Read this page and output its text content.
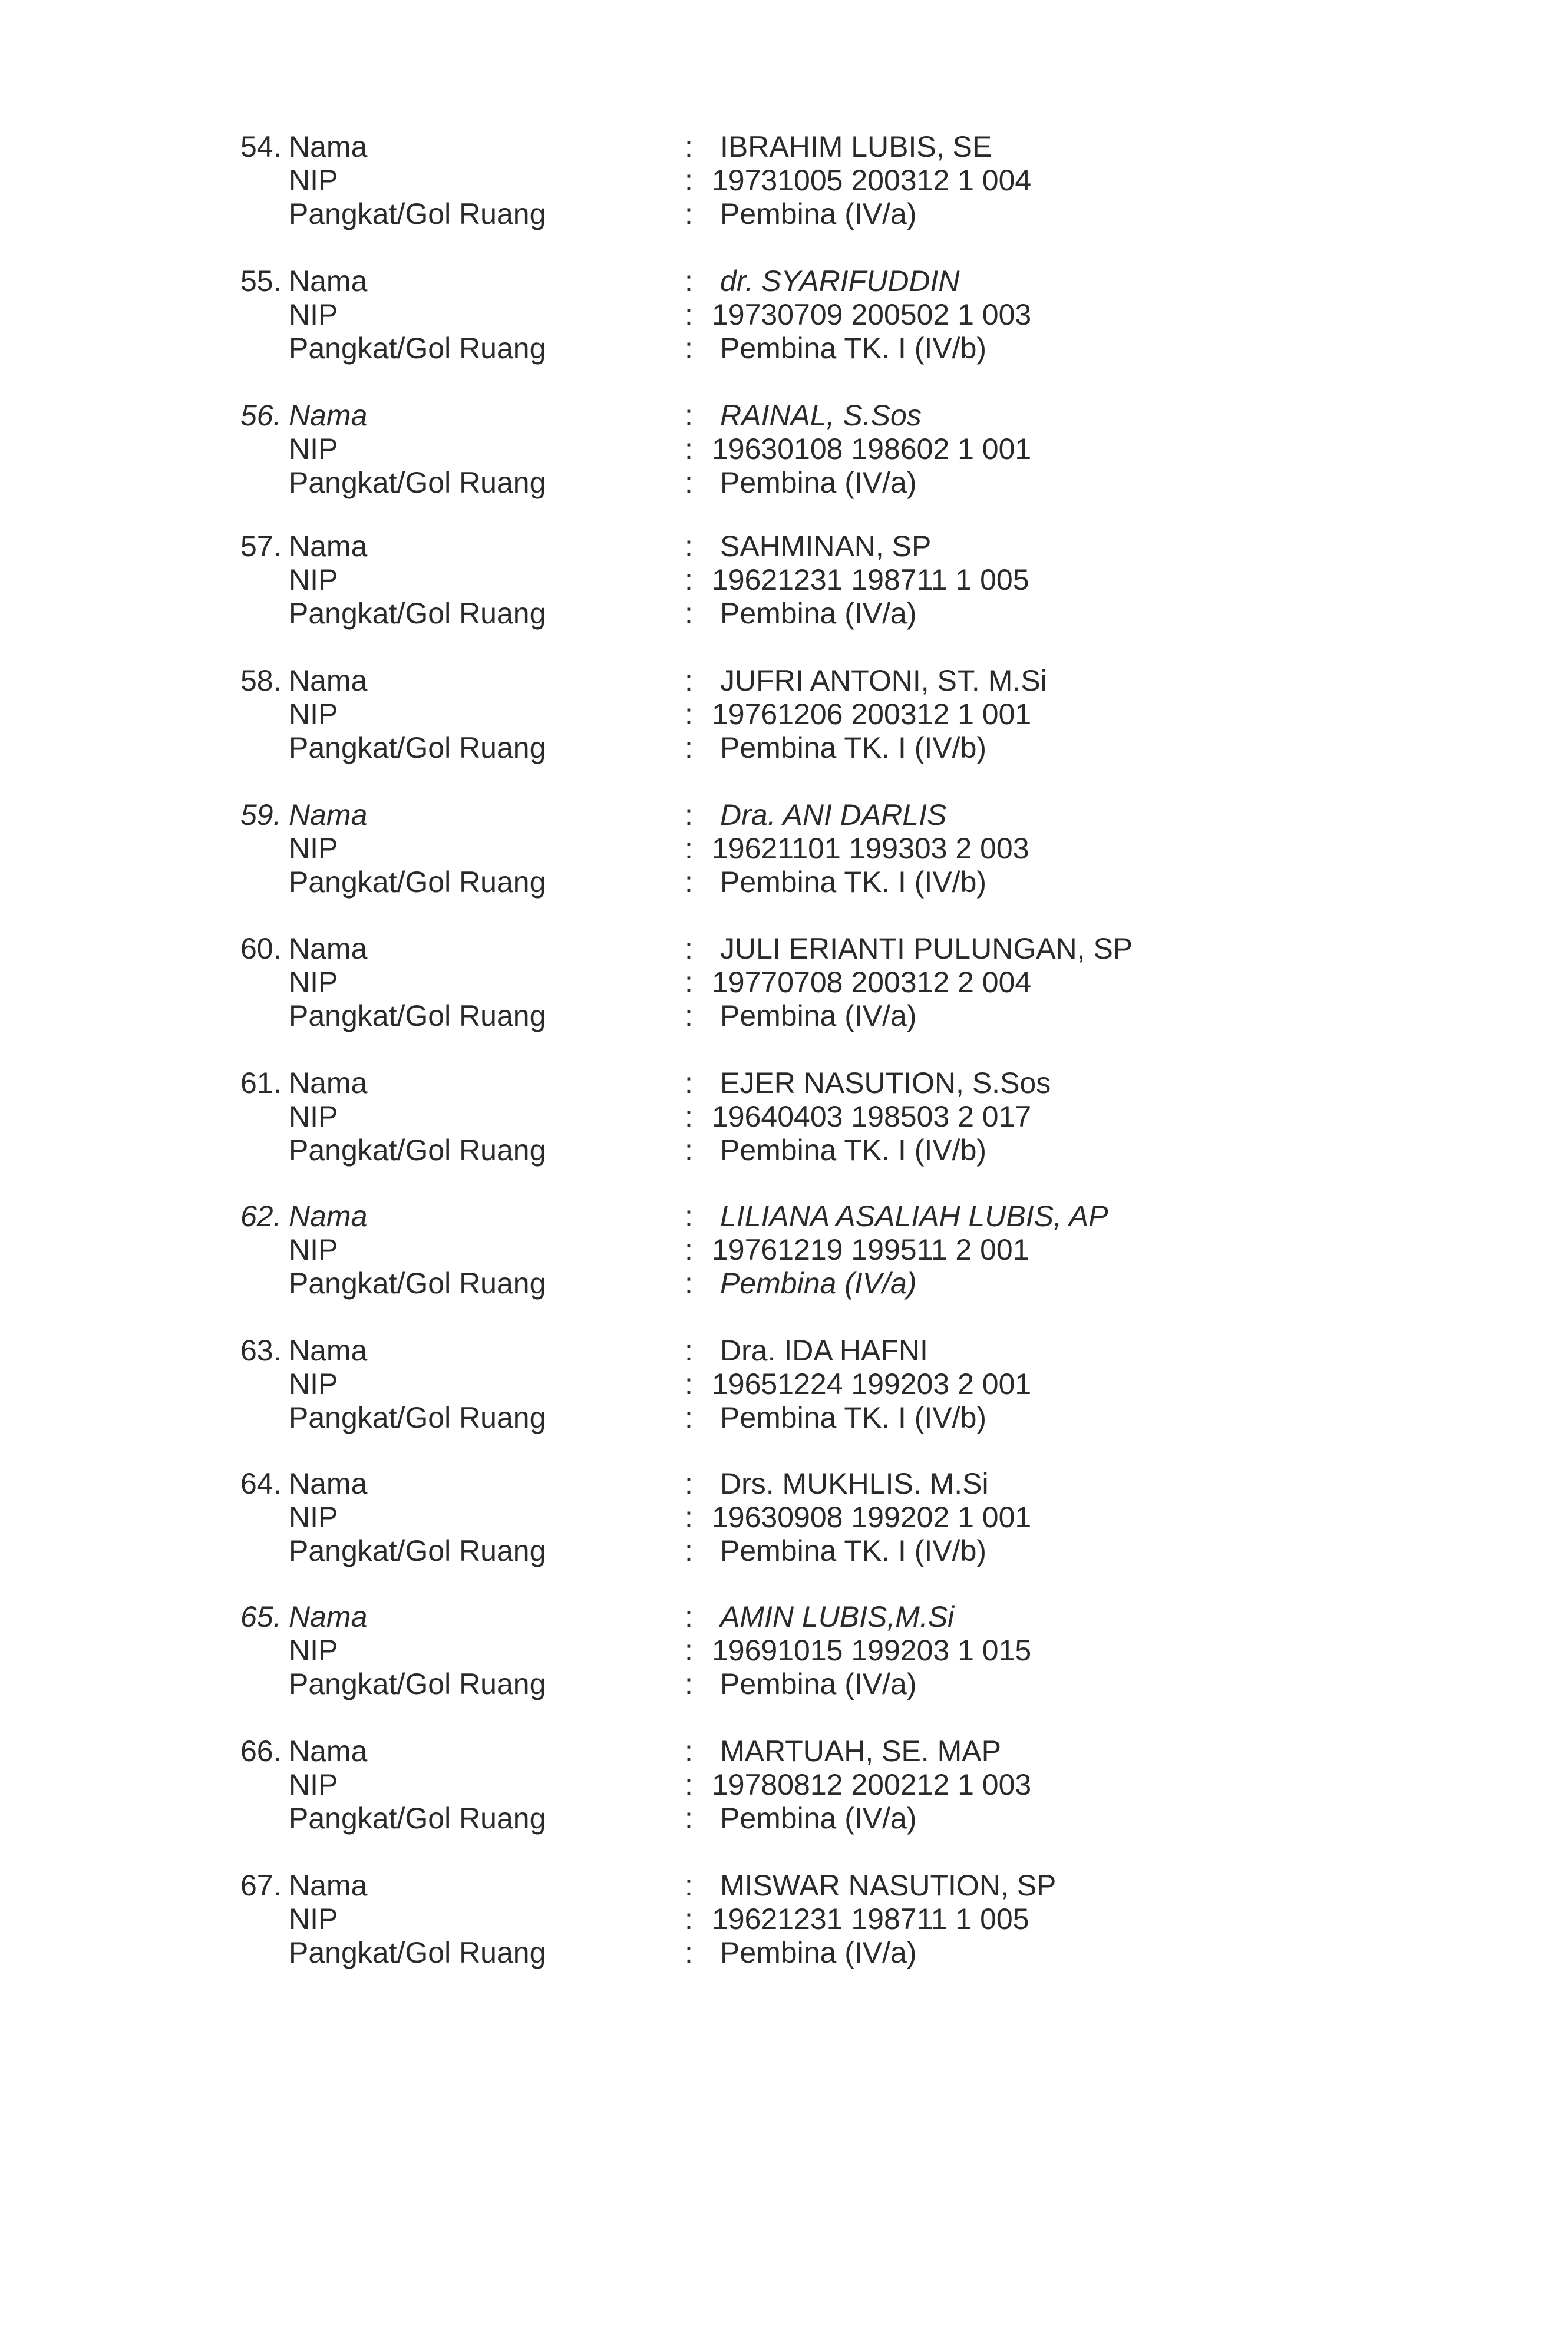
54. Nama	: IBRAHIM LUBIS, SE
NIP	: 19731005 200312 1 004
Pangkat/Gol Ruang	: Pembina (IV/a)
55. Nama	: dr. SYARIFUDDIN
NIP	: 19730709 200502 1 003
Pangkat/Gol Ruang	: Pembina TK. I (IV/b)
56. Nama	: RAINAL, S.Sos
NIP	: 19630108 198602 1 001
Pangkat/Gol Ruang	: Pembina (IV/a)
57. Nama	: SAHMINAN, SP
NIP	: 19621231 198711 1 005
Pangkat/Gol Ruang	: Pembina (IV/a)
58. Nama	: JUFRI ANTONI, ST. M.Si
NIP	: 19761206 200312 1 001
Pangkat/Gol Ruang	: Pembina TK. I (IV/b)
59. Nama	: Dra. ANI DARLIS
NIP	: 19621101 199303 2 003
Pangkat/Gol Ruang	: Pembina TK. I (IV/b)
60. Nama	: JULI ERIANTI PULUNGAN, SP
NIP	: 19770708 200312 2 004
Pangkat/Gol Ruang	: Pembina (IV/a)
61. Nama	: EJER NASUTION, S.Sos
NIP	: 19640403 198503 2 017
Pangkat/Gol Ruang	: Pembina TK. I (IV/b)
62. Nama	: LILIANA ASALIAH LUBIS, AP
NIP	: 19761219 199511 2 001
Pangkat/Gol Ruang	: Pembina (IV/a)
63. Nama	: Dra. IDA HAFNI
NIP	: 19651224 199203 2 001
Pangkat/Gol Ruang	: Pembina TK. I (IV/b)
64. Nama	: Drs. MUKHLIS. M.Si
NIP	: 19630908 199202 1 001
Pangkat/Gol Ruang	: Pembina TK. I (IV/b)
65. Nama	: AMIN LUBIS,M.Si
NIP	: 19691015 199203 1 015
Pangkat/Gol Ruang	: Pembina (IV/a)
66. Nama	: MARTUAH, SE. MAP
NIP	: 19780812 200212 1 003
Pangkat/Gol Ruang	: Pembina (IV/a)
67. Nama	: MISWAR NASUTION, SP
NIP	: 19621231 198711 1 005
Pangkat/Gol Ruang	: Pembina (IV/a)
